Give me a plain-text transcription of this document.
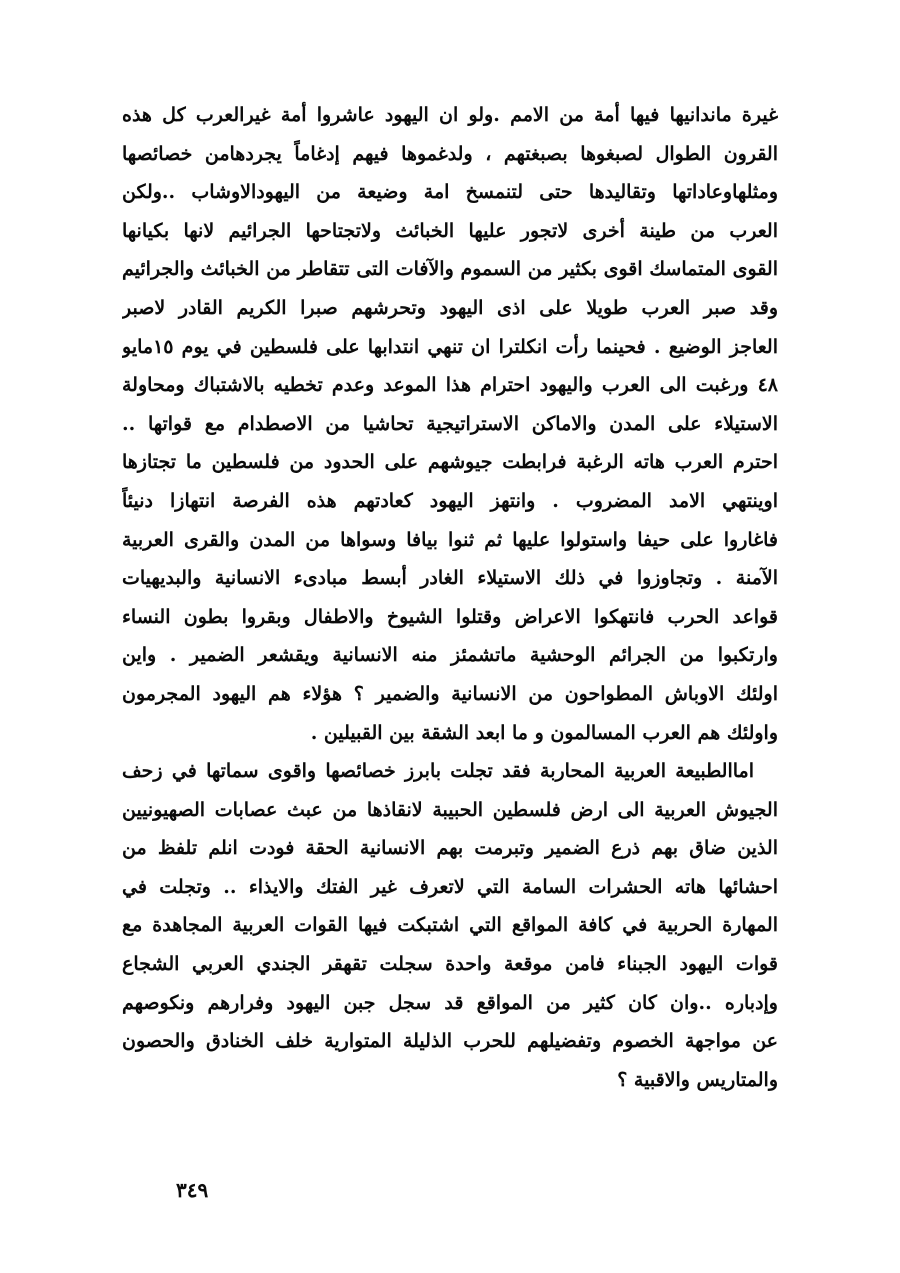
غيرة ماندانيها فيها أمة من الامم .ولو ان اليهود عاشروا أمة غيرالعرب كل هذه
القرون الطوال لصبغوها بصبغتهم ، ولدغموها فيهم إدغاماً يجردهامن خصائصها
ومثلهاوعاداتها وتقاليدها حتى لتنمسخ امة وضيعة من اليهودالاوشاب ..ولكن
العرب من طينة أخرى لاتجور عليها الخبائث ولاتجتاحها الجرائيم لانها بكيانها
القوى المتماسك اقوى بكثير من السموم والآفات التى تتقاطر من الخبائث والجرائيم
وقد صبر العرب طويلا على اذى اليهود وتحرشهم صبرا الكريم القادر لاصبر
العاجز الوضيع . فحينما رأت انكلترا ان تنهي انتدابها على فلسطين في يوم ١٥مايو
٤٨ ورغبت الى العرب واليهود احترام هذا الموعد وعدم تخطيه بالاشتباك ومحاولة
الاستيلاء على المدن والاماكن الاستراتيجية تحاشيا من الاصطدام مع قواتها ..
احترم العرب هاته الرغبة فرابطت جيوشهم على الحدود من فلسطين ما تجتازها
اوينتهي الامد المضروب . وانتهز اليهود كعادتهم هذه الفرصة انتهازا دنيئاً
فاغاروا على حيفا واستولوا عليها ثم ثنوا بيافا وسواها من المدن والقرى العربية
الآمنة . وتجاوزوا في ذلك الاستيلاء الغادر أبسط مبادىء الانسانية والبديهيات
قواعد الحرب فانتهكوا الاعراض وقتلوا الشيوخ والاطفال وبقروا بطون النساء
وارتكبوا من الجرائم الوحشية ماتشمئز منه الانسانية ويقشعر الضمير . واين
اولئك الاوباش المطواحون من الانسانية والضمير ؟ هؤلاء هم اليهود المجرمون
واولئك هم العرب المسالمون و ما ابعد الشقة بين القبيلين .
اماالطبيعة العربية المحاربة فقد تجلت بابرز خصائصها واقوى سماتها في زحف
الجيوش العربية الى ارض فلسطين الحبيبة لانقاذها من عبث عصابات الصهيونيين
الذين ضاق بهم ذرع الضمير وتبرمت بهم الانسانية الحقة فودت انلم تلفظ من
احشائها هاته الحشرات السامة التي لاتعرف غير الفتك والايذاء .. وتجلت في
المهارة الحربية في كافة المواقع التي اشتبكت فيها القوات العربية المجاهدة مع
قوات اليهود الجبناء فامن موقعة واحدة سجلت تقهقر الجندي العربي الشجاع
وإدباره ..وان كان كثير من المواقع قد سجل جبن اليهود وفرارهم ونكوصهم
عن مواجهة الخصوم وتفضيلهم للحرب الذليلة المتوارية خلف الخنادق والحصون
والمتاريس والاقبية ؟
٣٤٩
